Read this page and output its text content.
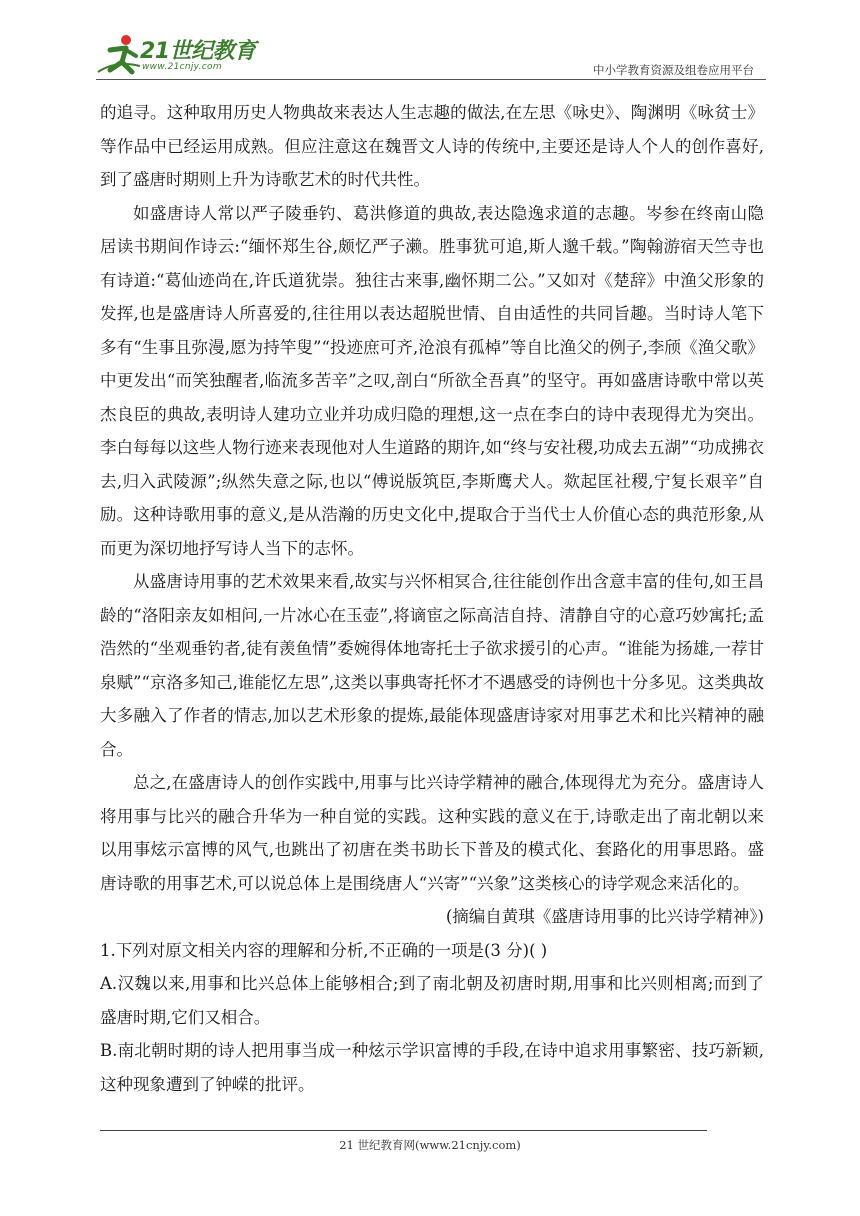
21世纪教育
www.21cnjy.com	中小学教育资源及组卷应用平台

的追寻。这种取用历史人物典故来表达人生志趣的做法,在左思《咏史》、陶渊明《咏贫士》等作品中已经运用成熟。但应注意这在魏晋文人诗的传统中,主要还是诗人个人的创作喜好,到了盛唐时期则上升为诗歌艺术的时代共性。

如盛唐诗人常以严子陵垂钓、葛洪修道的典故,表达隐逸求道的志趣。岑参在终南山隐居读书期间作诗云:“缅怀郑生谷,颇忆严子濑。胜事犹可追,斯人邈千载。”陶翰游宿天竺寺也有诗道:“葛仙迹尚在,许氏道犹崇。独往古来事,幽怀期二公。”又如对《楚辞》中渔父形象的发挥,也是盛唐诗人所喜爱的,往往用以表达超脱世情、自由适性的共同旨趣。当时诗人笔下多有“生事且弥漫,愿为持竿叟”“投迹庶可齐,沧浪有孤棹”等自比渔父的例子,李颀《渔父歌》中更发出“而笑独醒者,临流多苦辛”之叹,剖白“所欲全吾真”的坚守。再如盛唐诗歌中常以英杰良臣的典故,表明诗人建功立业并功成归隐的理想,这一点在李白的诗中表现得尤为突出。李白每每以这些人物行迹来表现他对人生道路的期许,如“终与安社稷,功成去五湖”“功成拂衣去,归入武陵源”;纵然失意之际,也以“傅说版筑臣,李斯鹰犬人。欻起匡社稷,宁复长艰辛”自励。这种诗歌用事的意义,是从浩瀚的历史文化中,提取合于当代士人价值心态的典范形象,从而更为深切地抒写诗人当下的志怀。

从盛唐诗用事的艺术效果来看,故实与兴怀相冥合,往往能创作出含意丰富的佳句,如王昌龄的“洛阳亲友如相问,一片冰心在玉壶”,将谪宦之际高洁自持、清静自守的心意巧妙寓托;孟浩然的“坐观垂钓者,徒有羡鱼情”委婉得体地寄托士子欲求援引的心声。“谁能为扬雄,一荐甘泉赋”“京洛多知己,谁能忆左思”,这类以事典寄托怀才不遇感受的诗例也十分多见。这类典故大多融入了作者的情志,加以艺术形象的提炼,最能体现盛唐诗家对用事艺术和比兴精神的融合。

总之,在盛唐诗人的创作实践中,用事与比兴诗学精神的融合,体现得尤为充分。盛唐诗人将用事与比兴的融合升华为一种自觉的实践。这种实践的意义在于,诗歌走出了南北朝以来以用事炫示富博的风气,也跳出了初唐在类书助长下普及的模式化、套路化的用事思路。盛唐诗歌的用事艺术,可以说总体上是围绕唐人“兴寄”“兴象”这类核心的诗学观念来活化的。

(摘编自黄琪《盛唐诗用事的比兴诗学精神》)

1.下列对原文相关内容的理解和分析,不正确的一项是(3 分)( )

A.汉魏以来,用事和比兴总体上能够相合;到了南北朝及初唐时期,用事和比兴则相离;而到了盛唐时期,它们又相合。

B.南北朝时期的诗人把用事当成一种炫示学识富博的手段,在诗中追求用事繁密、技巧新颖,这种现象遭到了钟嵘的批评。

21 世纪教育网(www.21cnjy.com)
